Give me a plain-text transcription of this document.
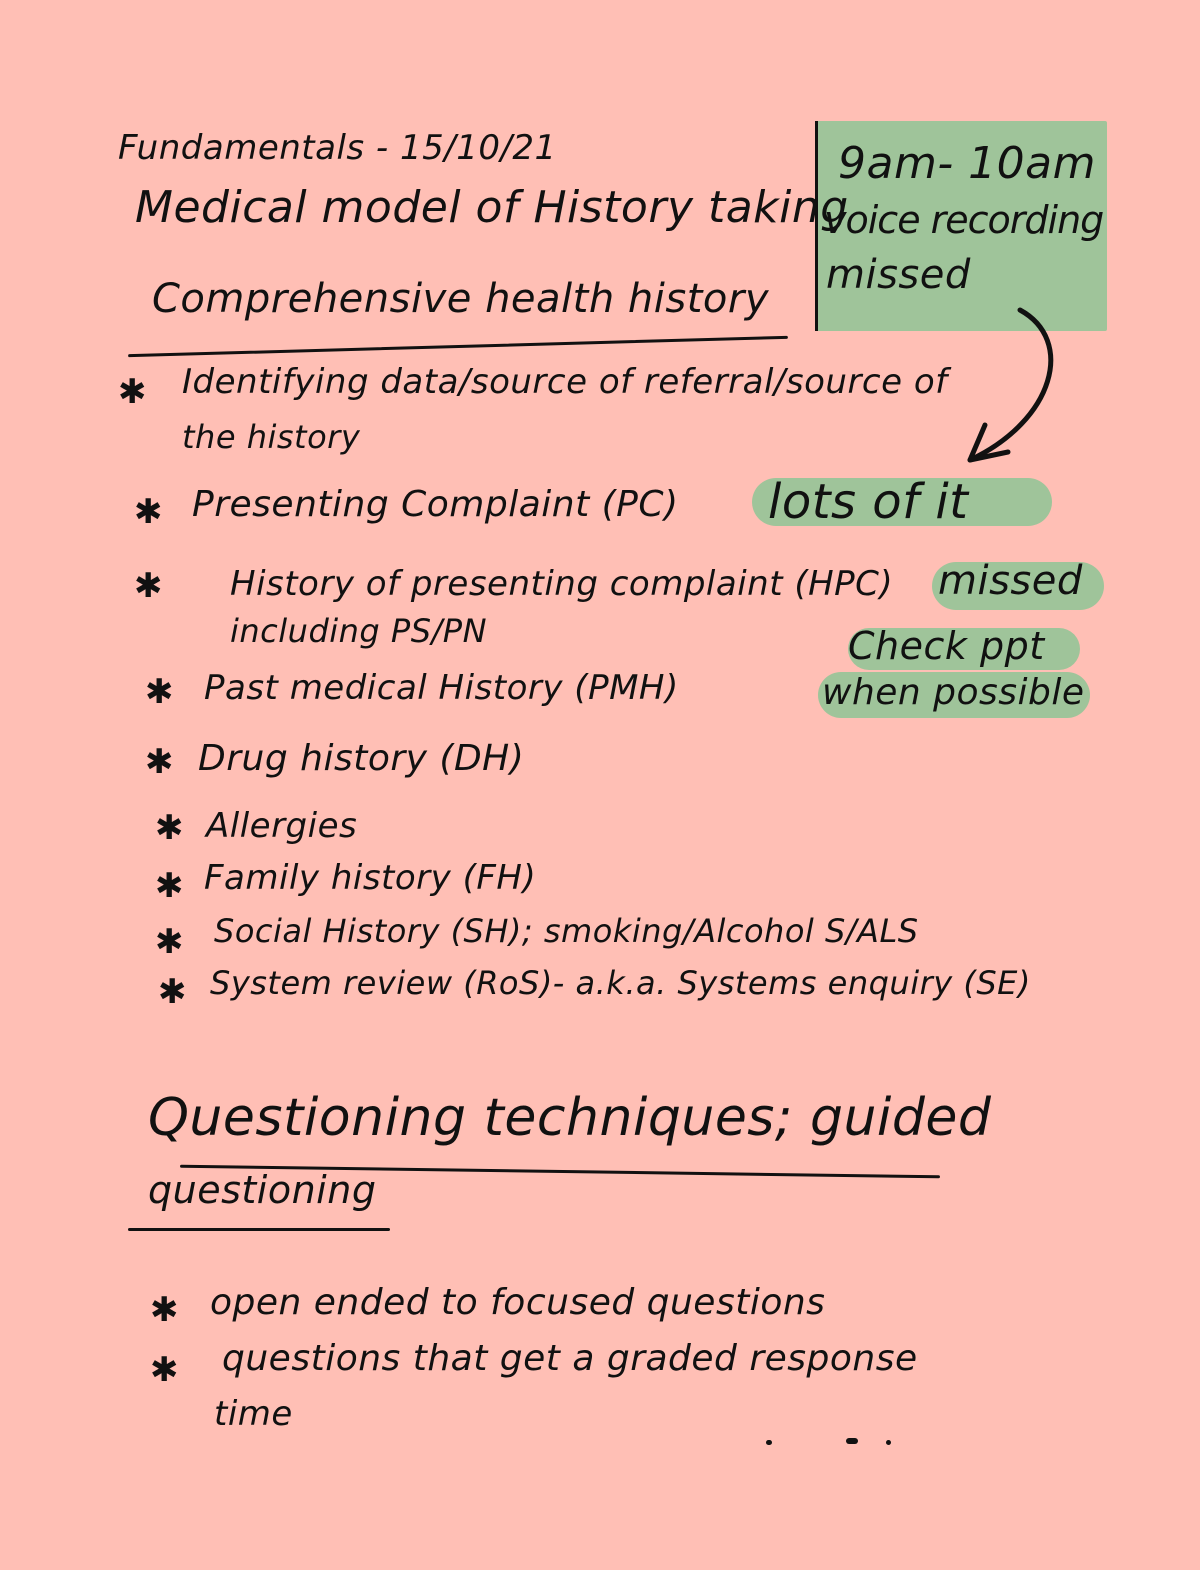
9am- 10am
voice recording
missed
Fundamentals - 15/10/21
Medical model of History taking
Comprehensive health history
✱ Identifying data/source of referral/source of
the history
✱ Presenting Complaint (PC) lots of it
✱ History of presenting complaint (HPC)
including PS/PN
missed
Check ppt
when possible
✱ Past medical History (PMH)
✱ Drug history (DH)
✱ Allergies
✱ Family history (FH)
✱ Social History (SH); smoking/Alcohol S/ALS
✱ System review (RoS)- a.k.a. Systems enquiry (SE)
Questioning techniques; guided
questioning
✱ open ended to focused questions
✱ questions that get a graded response
time
